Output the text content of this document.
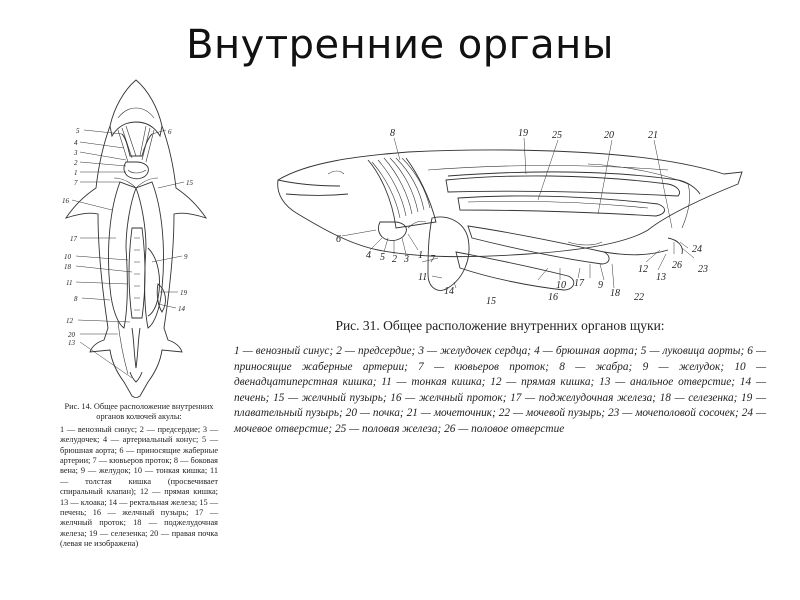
Внутренние органы
5	6
4
3
2
1
7	15
16
17
9
10
18
11
8
19
12
14
20
13
Рис. 14. Общее расположение внутренних органов колючей акулы:
1 — венозный синус; 2 — предсердие; 3 — желудочек; 4 — артериальный конус; 5 — брюшная аорта; 6 — приносящие жаберные артерии; 7 — кювьеров проток; 8 — боковая вена; 9 — желудок; 10 — тонкая кишка; 11 — толстая кишка (просвечивает спиральный клапан); 12 — прямая кишка; 13 — клоака; 14 — ректальная железа; 15 — печень; 16 — желчный пузырь; 17 — желчный проток; 18 — поджелудочная железа; 19 — селезенка; 20 — правая почка (левая не изображена)
8	19 25	20	21
6
4 5 2 3 1 7
11
14
15
10
16
17 9
18 22
12
13
26
24
23
Рис. 31. Общее расположение внутренних органов щуки:
1 — венозный синус; 2 — предсердие; 3 — желудочек сердца; 4 — брюшная аорта; 5 — луковица аорты; 6 — приносящие жаберные артерии; 7 — кювьеров проток; 8 — жабра; 9 — желудок; 10 — двенадцатиперстная кишка; 11 — тонкая кишка; 12 — прямая кишка; 13 — анальное отверстие; 14 — печень; 15 — желчный пузырь; 16 — желчный проток; 17 — поджелудочная железа; 18 — селезенка; 19 — плавательный пузырь; 20 — почка; 21 — мочеточник; 22 — мочевой пузырь; 23 — мочеполовой сосочек; 24 — мочевое отверстие; 25 — половая железа; 26 — половое отверстие
